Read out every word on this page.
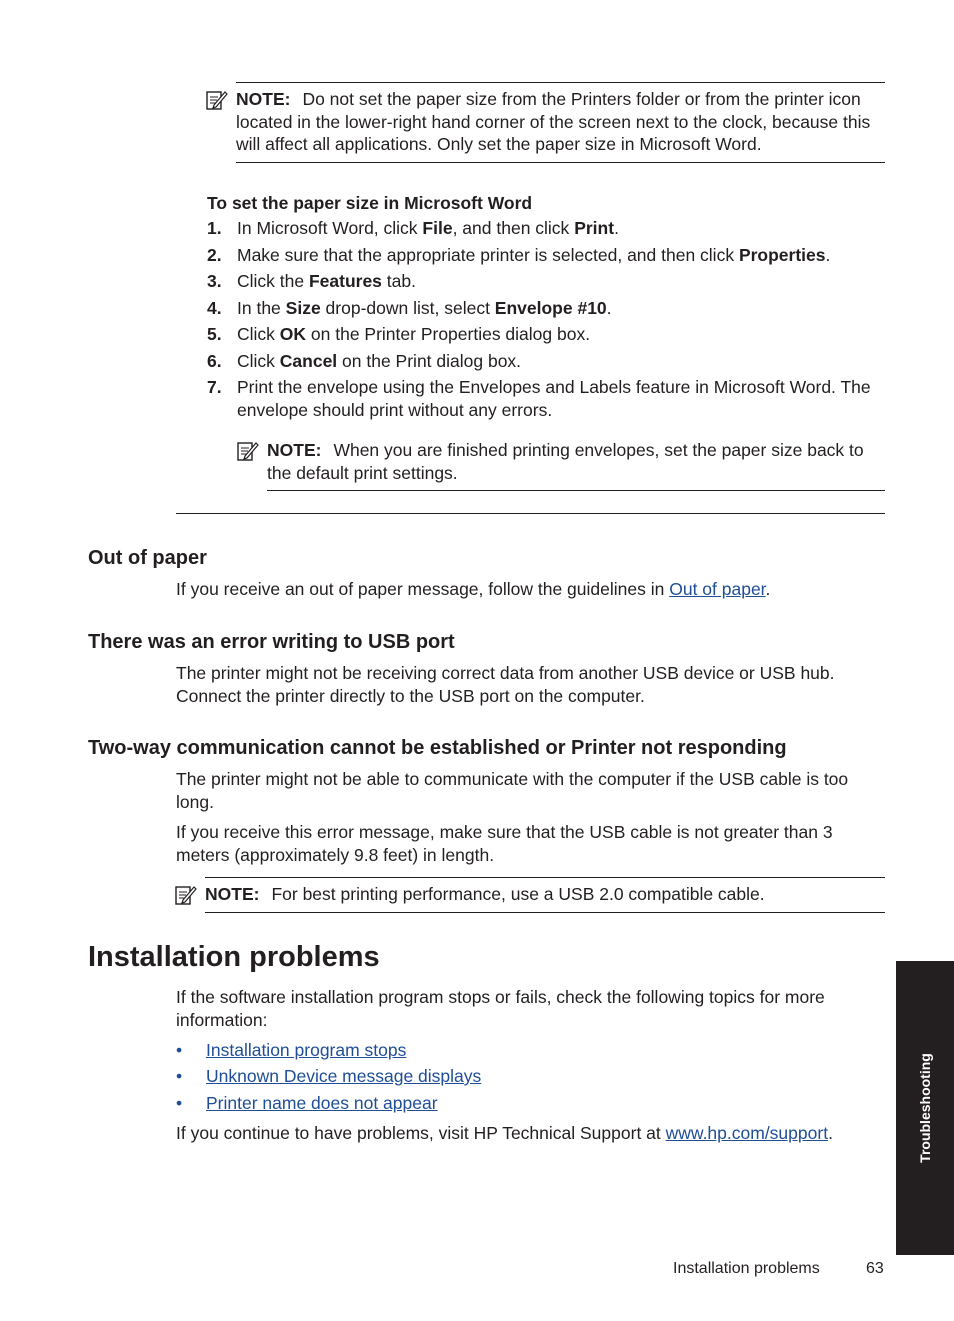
NOTE: Do not set the paper size from the Printers folder or from the printer icon located in the lower-right hand corner of the screen next to the clock, because this will affect all applications. Only set the paper size in Microsoft Word.
To set the paper size in Microsoft Word
1. In Microsoft Word, click File, and then click Print.
2. Make sure that the appropriate printer is selected, and then click Properties.
3. Click the Features tab.
4. In the Size drop-down list, select Envelope #10.
5. Click OK on the Printer Properties dialog box.
6. Click Cancel on the Print dialog box.
7. Print the envelope using the Envelopes and Labels feature in Microsoft Word. The envelope should print without any errors.
NOTE: When you are finished printing envelopes, set the paper size back to the default print settings.
Out of paper
If you receive an out of paper message, follow the guidelines in Out of paper.
There was an error writing to USB port
The printer might not be receiving correct data from another USB device or USB hub. Connect the printer directly to the USB port on the computer.
Two-way communication cannot be established or Printer not responding
The printer might not be able to communicate with the computer if the USB cable is too long.
If you receive this error message, make sure that the USB cable is not greater than 3 meters (approximately 9.8 feet) in length.
NOTE: For best printing performance, use a USB 2.0 compatible cable.
Installation problems
If the software installation program stops or fails, check the following topics for more information:
• Installation program stops
• Unknown Device message displays
• Printer name does not appear
If you continue to have problems, visit HP Technical Support at www.hp.com/support.	Troubleshooting
Installation problems	63
